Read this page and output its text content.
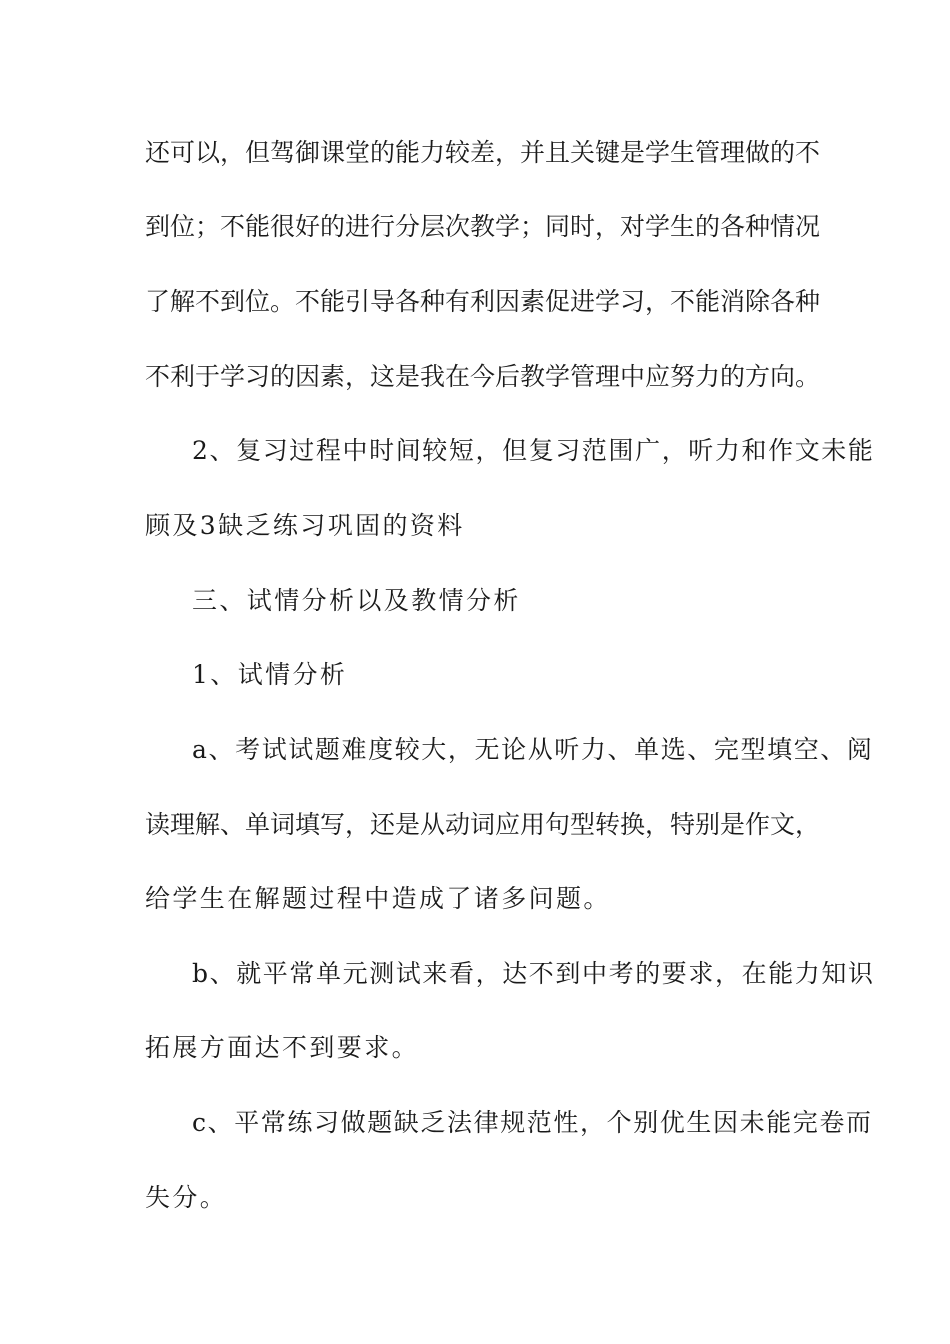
还可以，但驾御课堂的能力较差，并且关键是学生管理做的不
到位；不能很好的进行分层次教学；同时，对学生的各种情况
了解不到位。不能引导各种有利因素促进学习，不能消除各种
不利于学习的因素，这是我在今后教学管理中应努力的方向。
2、复习过程中时间较短，但复习范围广，听力和作文未能
顾及3缺乏练习巩固的资料
三、试情分析以及教情分析
1、试情分析
a、考试试题难度较大，无论从听力、单选、完型填空、阅
读理解、单词填写，还是从动词应用句型转换，特别是作文，
给学生在解题过程中造成了诸多问题。
b、就平常单元测试来看，达不到中考的要求，在能力知识
拓展方面达不到要求。
c、平常练习做题缺乏法律规范性，个别优生因未能完卷而
失分。
